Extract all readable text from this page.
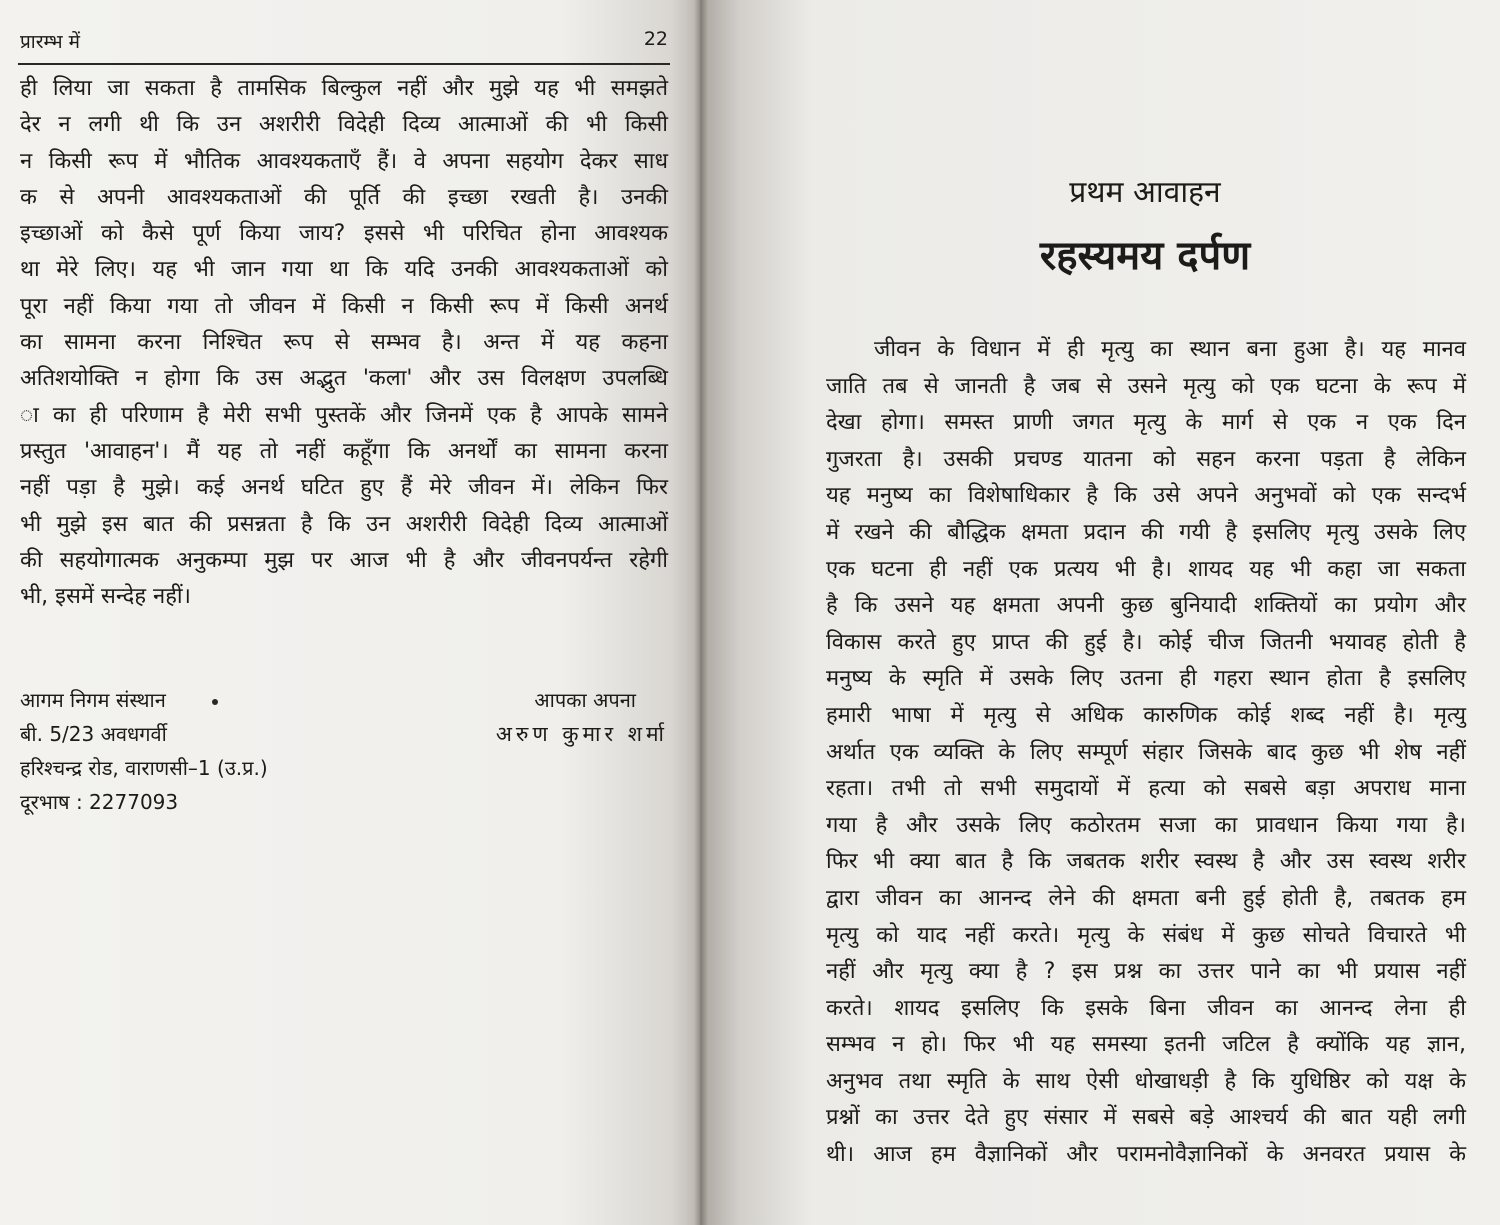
प्रारम्भ में	22
ही लिया जा सकता है तामसिक बिल्कुल नहीं और मुझे यह भी समझते
देर न लगी थी कि उन अशरीरी विदेही दिव्य आत्माओं की भी किसी
न किसी रूप में भौतिक आवश्यकताएँ हैं। वे अपना सहयोग देकर साध
क से अपनी आवश्यकताओं की पूर्ति की इच्छा रखती है। उनकी
इच्छाओं को कैसे पूर्ण किया जाय? इससे भी परिचित होना आवश्यक
था मेरे लिए। यह भी जान गया था कि यदि उनकी आवश्यकताओं को
पूरा नहीं किया गया तो जीवन में किसी न किसी रूप में किसी अनर्थ
का सामना करना निश्चित रूप से सम्भव है। अन्त में यह कहना
अतिशयोक्ति न होगा कि उस अद्भुत 'कला' और उस विलक्षण उपलब्धि
ा का ही परिणाम है मेरी सभी पुस्तकें और जिनमें एक है आपके सामने
प्रस्तुत 'आवाहन'। मैं यह तो नहीं कहूँगा कि अनर्थों का सामना करना
नहीं पड़ा है मुझे। कई अनर्थ घटित हुए हैं मेरे जीवन में। लेकिन फिर
भी मुझे इस बात की प्रसन्नता है कि उन अशरीरी विदेही दिव्य आत्माओं
की सहयोगात्मक अनुकम्पा मुझ पर आज भी है और जीवनपर्यन्त रहेगी
भी, इसमें सन्देह नहीं।
आगम निगम संस्थान	आपका अपना
बी. 5/23 अवधगर्वी	अरुण कुमार शर्मा
हरिश्चन्द्र रोड, वाराणसी–1 (उ.प्र.)
दूरभाष : 2277093
प्रथम आवाहन
रहस्यमय दर्पण
जीवन के विधान में ही मृत्यु का स्थान बना हुआ है। यह मानव
जाति तब से जानती है जब से उसने मृत्यु को एक घटना के रूप में
देखा होगा। समस्त प्राणी जगत मृत्यु के मार्ग से एक न एक दिन
गुजरता है। उसकी प्रचण्ड यातना को सहन करना पड़ता है लेकिन
यह मनुष्य का विशेषाधिकार है कि उसे अपने अनुभवों को एक सन्दर्भ
में रखने की बौद्धिक क्षमता प्रदान की गयी है इसलिए मृत्यु उसके लिए
एक घटना ही नहीं एक प्रत्यय भी है। शायद यह भी कहा जा सकता
है कि उसने यह क्षमता अपनी कुछ बुनियादी शक्तियों का प्रयोग और
विकास करते हुए प्राप्त की हुई है। कोई चीज जितनी भयावह होती है
मनुष्य के स्मृति में उसके लिए उतना ही गहरा स्थान होता है इसलिए
हमारी भाषा में मृत्यु से अधिक कारुणिक कोई शब्द नहीं है। मृत्यु
अर्थात एक व्यक्ति के लिए सम्पूर्ण संहार जिसके बाद कुछ भी शेष नहीं
रहता। तभी तो सभी समुदायों में हत्या को सबसे बड़ा अपराध माना
गया है और उसके लिए कठोरतम सजा का प्रावधान किया गया है।
फिर भी क्या बात है कि जबतक शरीर स्वस्थ है और उस स्वस्थ शरीर
द्वारा जीवन का आनन्द लेने की क्षमता बनी हुई होती है, तबतक हम
मृत्यु को याद नहीं करते। मृत्यु के संबंध में कुछ सोचते विचारते भी
नहीं और मृत्यु क्या है ? इस प्रश्न का उत्तर पाने का भी प्रयास नहीं
करते। शायद इसलिए कि इसके बिना जीवन का आनन्द लेना ही
सम्भव न हो। फिर भी यह समस्या इतनी जटिल है क्योंकि यह ज्ञान,
अनुभव तथा स्मृति के साथ ऐसी धोखाधड़ी है कि युधिष्ठिर को यक्ष के
प्रश्नों का उत्तर देते हुए संसार में सबसे बड़े आश्चर्य की बात यही लगी
थी। आज हम वैज्ञानिकों और परामनोवैज्ञानिकों के अनवरत प्रयास के
